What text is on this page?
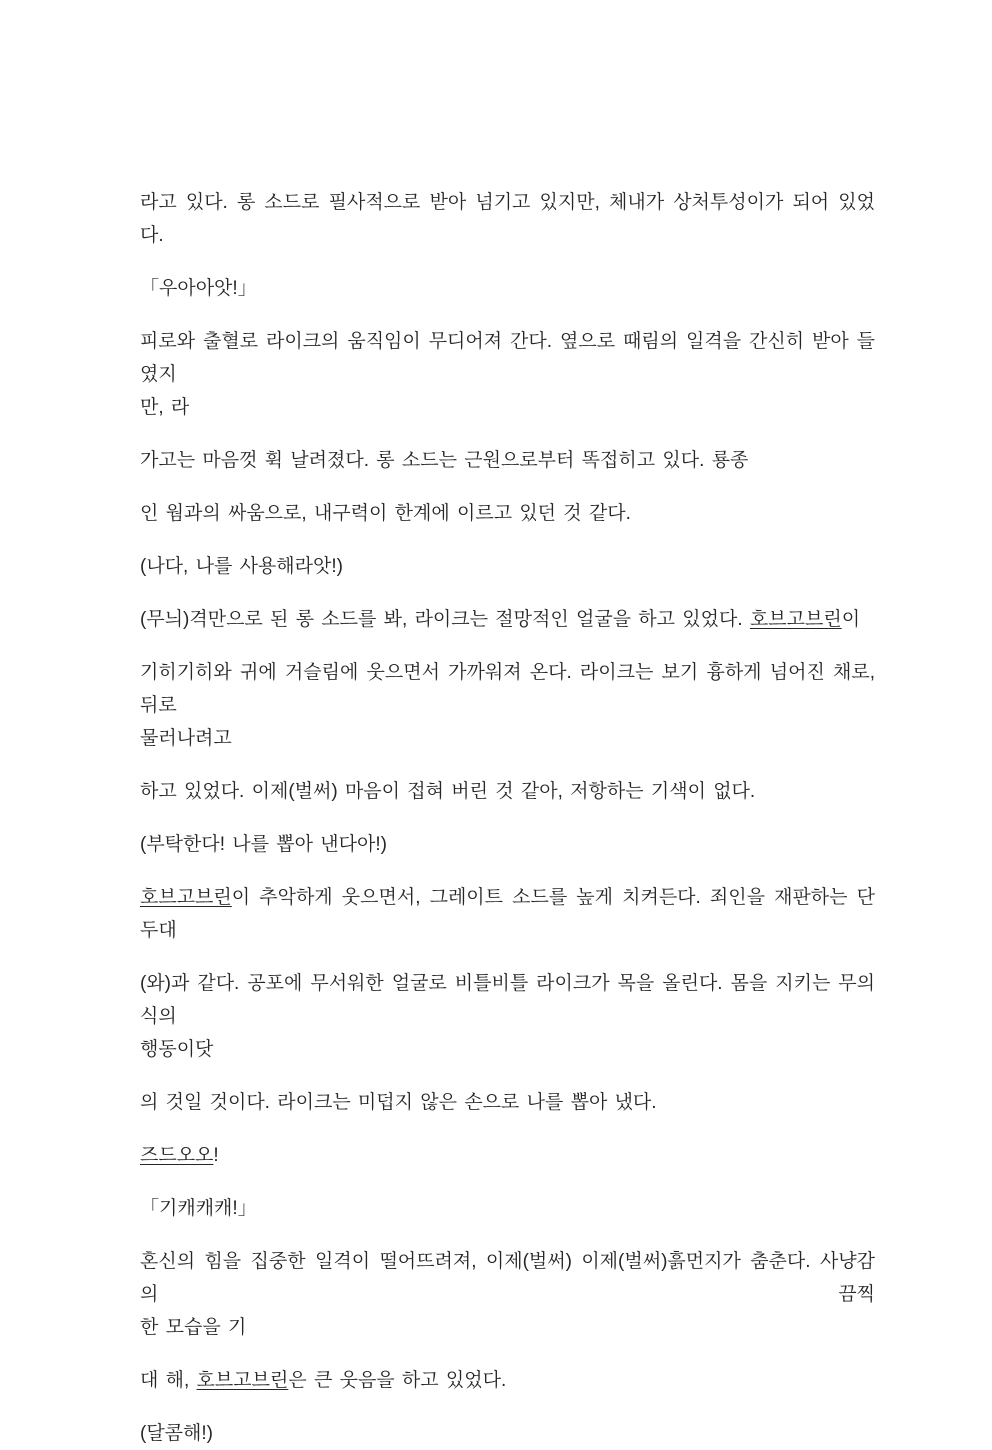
라고 있다. 롱 소드로 필사적으로 받아 넘기고 있지만, 체내가 상처투성이가 되어 있었다.
「우아아앗!」
피로와 출혈로 라이크의 움직임이 무디어져 간다. 옆으로 때림의 일격을 간신히 받아 들였지
만, 라
가고는 마음껏 휙 날려졌다. 롱 소드는 근원으로부터 똑접히고 있다. 룡종
인 웜과의 싸움으로, 내구력이 한계에 이르고 있던 것 같다.
(나다, 나를 사용해라앗!)
(무늬)격만으로 된 롱 소드를 봐, 라이크는 절망적인 얼굴을 하고 있었다. 호브고브린이
기히기히와 귀에 거슬림에 웃으면서 가까워져 온다. 라이크는 보기 흉하게 넘어진 채로, 뒤로
물러나려고
하고 있었다. 이제(벌써) 마음이 접혀 버린 것 같아, 저항하는 기색이 없다.
(부탁한다! 나를 뽑아 낸다아!)
호브고브린이 추악하게 웃으면서, 그레이트 소드를 높게 치켜든다. 죄인을 재판하는 단두대
(와)과 같다. 공포에 무서워한 얼굴로 비틀비틀 라이크가 목을 올린다. 몸을 지키는 무의식의
행동이닷
의 것일 것이다. 라이크는 미덥지 않은 손으로 나를 뽑아 냈다.
즈드오오!
「기캐캐캐!」
혼신의 힘을 집중한 일격이 떨어뜨려져, 이제(벌써) 이제(벌써)흙먼지가 춤춘다. 사냥감의 끔찍
한 모습을 기
대 해, 호브고브린은 큰 웃음을 하고 있었다.
(달콤해!)
